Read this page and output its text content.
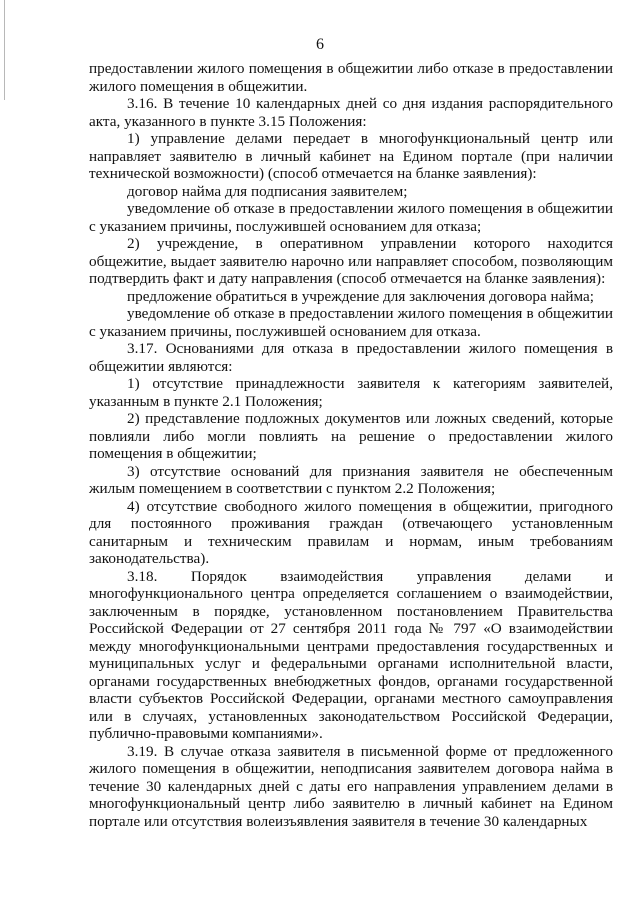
6

предоставлении жилого помещения в общежитии либо отказе в предоставлении жилого помещения в общежитии.

3.16. В течение 10 календарных дней со дня издания распорядительного акта, указанного в пункте 3.15 Положения:

1) управление делами передает в многофункциональный центр или направляет заявителю в личный кабинет на Едином портале (при наличии технической возможности) (способ отмечается на бланке заявления):

договор найма для подписания заявителем;

уведомление об отказе в предоставлении жилого помещения в общежитии с указанием причины, послужившей основанием для отказа;

2) учреждение, в оперативном управлении которого находится общежитие, выдает заявителю нарочно или направляет способом, позволяющим подтвердить факт и дату направления (способ отмечается на бланке заявления):

предложение обратиться в учреждение для заключения договора найма;

уведомление об отказе в предоставлении жилого помещения в общежитии с указанием причины, послужившей основанием для отказа.

3.17. Основаниями для отказа в предоставлении жилого помещения в общежитии являются:

1) отсутствие принадлежности заявителя к категориям заявителей, указанным в пункте 2.1 Положения;

2) представление подложных документов или ложных сведений, которые повлияли либо могли повлиять на решение о предоставлении жилого помещения в общежитии;

3) отсутствие оснований для признания заявителя не обеспеченным жилым помещением в соответствии с пунктом 2.2 Положения;

4) отсутствие свободного жилого помещения в общежитии, пригодного для постоянного проживания граждан (отвечающего установленным санитарным и техническим правилам и нормам, иным требованиям законодательства).

3.18. Порядок взаимодействия управления делами и многофункционального центра определяется соглашением о взаимодействии, заключенным в порядке, установленном постановлением Правительства Российской Федерации от 27 сентября 2011 года № 797 «О взаимодействии между многофункциональными центрами предоставления государственных и муниципальных услуг и федеральными органами исполнительной власти, органами государственных внебюджетных фондов, органами государственной власти субъектов Российской Федерации, органами местного самоуправления или в случаях, установленных законодательством Российской Федерации, публично-правовыми компаниями».

3.19. В случае отказа заявителя в письменной форме от предложенного жилого помещения в общежитии, неподписания заявителем договора найма в течение 30 календарных дней с даты его направления управлением делами в многофункциональный центр либо заявителю в личный кабинет на Едином портале или отсутствия волеизъявления заявителя в течение 30 календарных
